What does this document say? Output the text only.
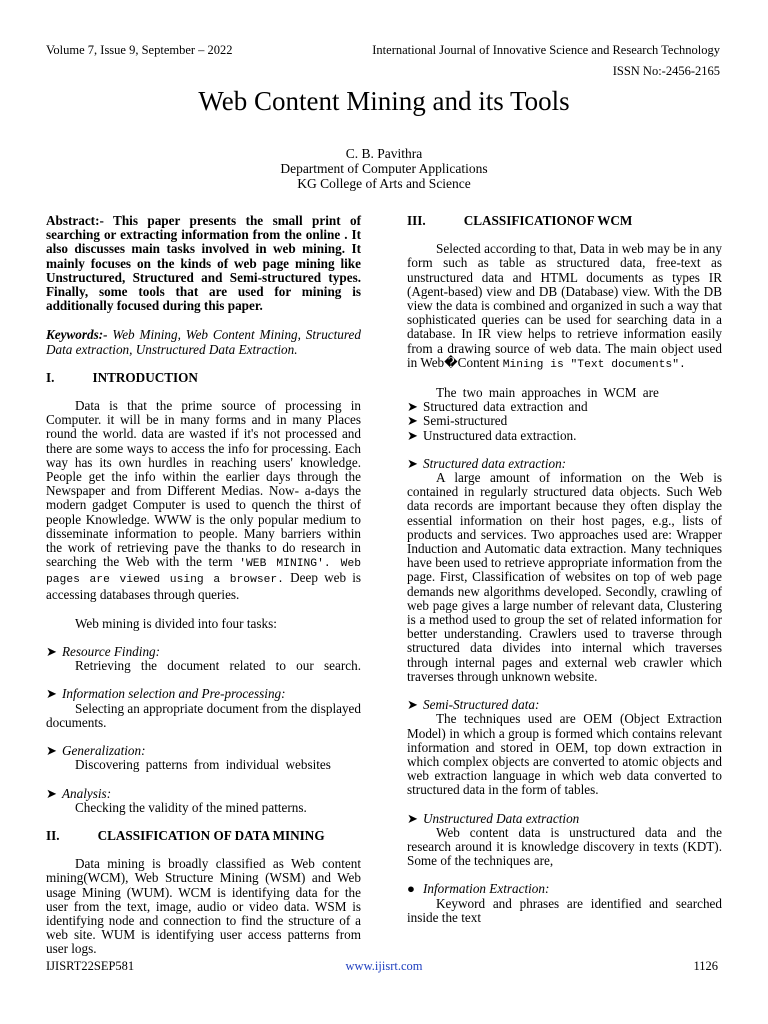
Volume 7, Issue 9, September – 2022	International Journal of Innovative Science and Research Technology
ISSN No:-2456-2165
Web Content Mining and its Tools
C. B. Pavithra
Department of Computer Applications
KG College of Arts and Science

Abstract:- This paper presents the small print of searching or extracting information from the online . It also discusses main tasks involved in web mining. It mainly focuses on the kinds of web page mining like Unstructured, Structured and Semi-structured types. Finally, some tools that are used for mining is additionally focused during this paper.

Keywords:- Web Mining, Web Content Mining, Structured Data extraction, Unstructured Data Extraction.

I.	INTRODUCTION

Data is that the prime source of processing in Computer. it will be in many forms and in many Places round the world. data are wasted if it's not processed and there are some ways to access the info for processing. Each way has its own hurdles in reaching users' knowledge. People get the info within the earlier days through the Newspaper and from Different Medias. Now- a-days the modern gadget Computer is used to quench the thirst of people Knowledge. WWW is the only popular medium to disseminate information to people. Many barriers within the work of retrieving pave the thanks to do research in searching the Web with the term 'WEB MINING'. Web pages are viewed using a browser. Deep web is accessing databases through queries.

Web mining is divided into four tasks:

➤ Resource Finding:

Retrieving the document related to our search.

➤ Information selection and Pre-processing:

Selecting an appropriate document from the displayed documents.

➤ Generalization:

Discovering patterns from individual websites

➤ Analysis:

Checking the validity of the mined patterns.

II.	CLASSIFICATION OF DATA MINING

Data mining is broadly classified as Web content mining(WCM), Web Structure Mining (WSM) and Web usage Mining (WUM). WCM is identifying data for the user from the text, image, audio or video data. WSM is identifying node and connection to find the structure of a web site. WUM is identifying user access patterns from user logs.

III.	CLASSIFICATIONOF WCM

Selected according to that, Data in web may be in any form such as table as structured data, free-text as unstructured data and HTML documents as types IR (Agent-based) view and DB (Database) view. With the DB view the data is combined and organized in such a way that sophisticated queries can be used for searching data in a database. In IR view helps to retrieve information easily from a drawing source of web data. The main object used in Web�Content Mining is "Text documents".

The two main approaches in WCM are

➤ Structured data extraction and

➤ Semi-structured

➤ Unstructured data extraction.

➤ Structured data extraction:

A large amount of information on the Web is contained in regularly structured data objects. Such Web data records are important because they often display the essential information on their host pages, e.g., lists of products and services. Two approaches used are: Wrapper Induction and Automatic data extraction. Many techniques have been used to retrieve appropriate information from the page. First, Classification of websites on top of web page demands new algorithms developed. Secondly, crawling of web page gives a large number of relevant data, Clustering is a method used to group the set of related information for better understanding. Crawlers used to traverse through structured data divides into internal which traverses through internal pages and external web crawler which traverses through unknown website.

➤ Semi-Structured data:

The techniques used are OEM (Object Extraction Model) in which a group is formed which contains relevant information and stored in OEM, top down extraction in which complex objects are converted to atomic objects and web extraction language in which web data converted to structured data in the form of tables.

➤ Unstructured Data extraction

Web content data is unstructured data and the research around it is knowledge discovery in texts (KDT). Some of the techniques are,

● Information Extraction:

Keyword and phrases are identified and searched inside the text

IJISRT22SEP581	www.ijisrt.com	1126
